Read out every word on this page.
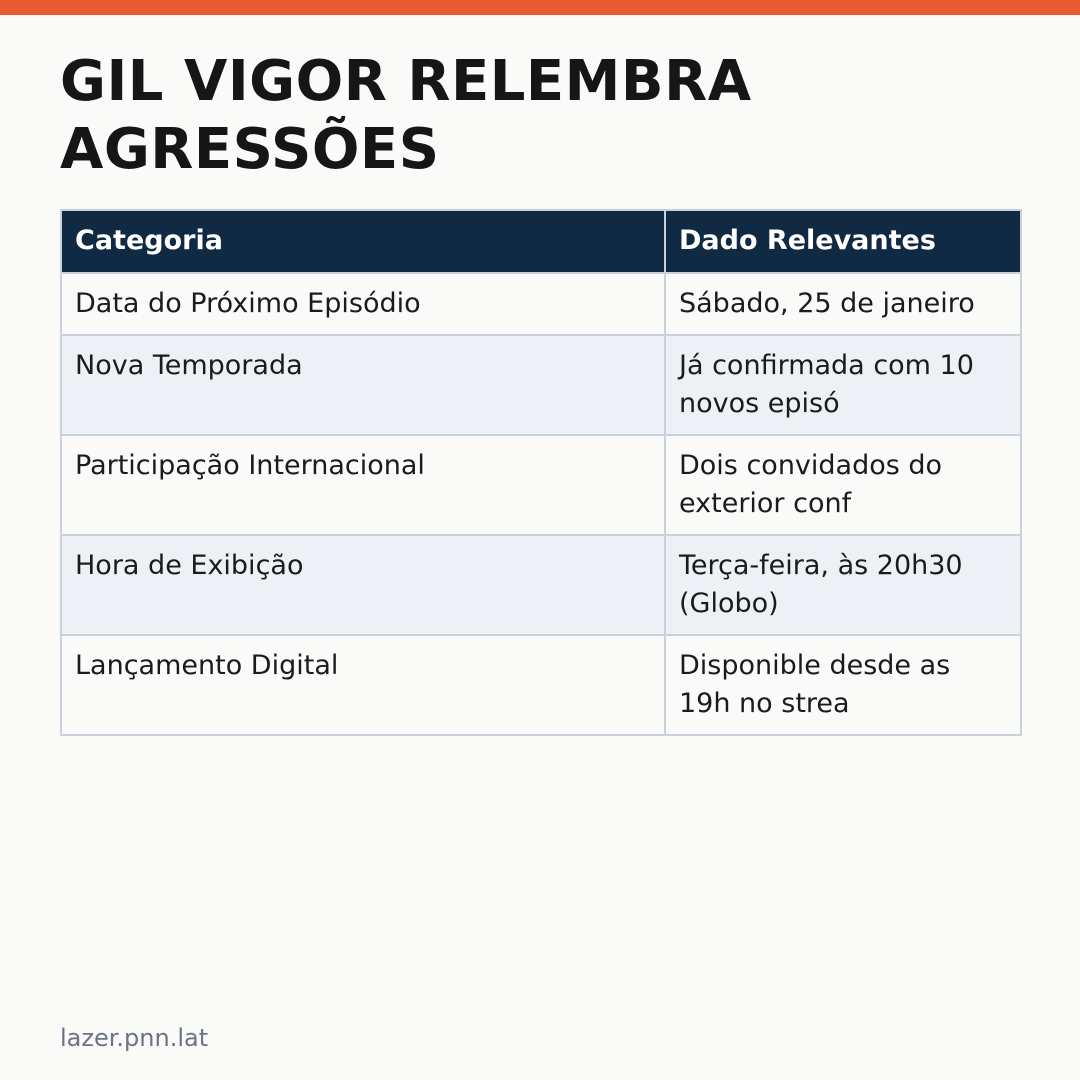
GIL VIGOR RELEMBRA AGRESSÕES
Categoria	Dado Relevantes
Data do Próximo Episódio	Sábado, 25 de janeiro
Nova Temporada	Já confirmada com 10 novos episó
Participação Internacional	Dois convidados do exterior conf
Hora de Exibição	Terça-feira, às 20h30 (Globo)
Lançamento Digital	Disponible desde as 19h no strea
lazer.pnn.lat
